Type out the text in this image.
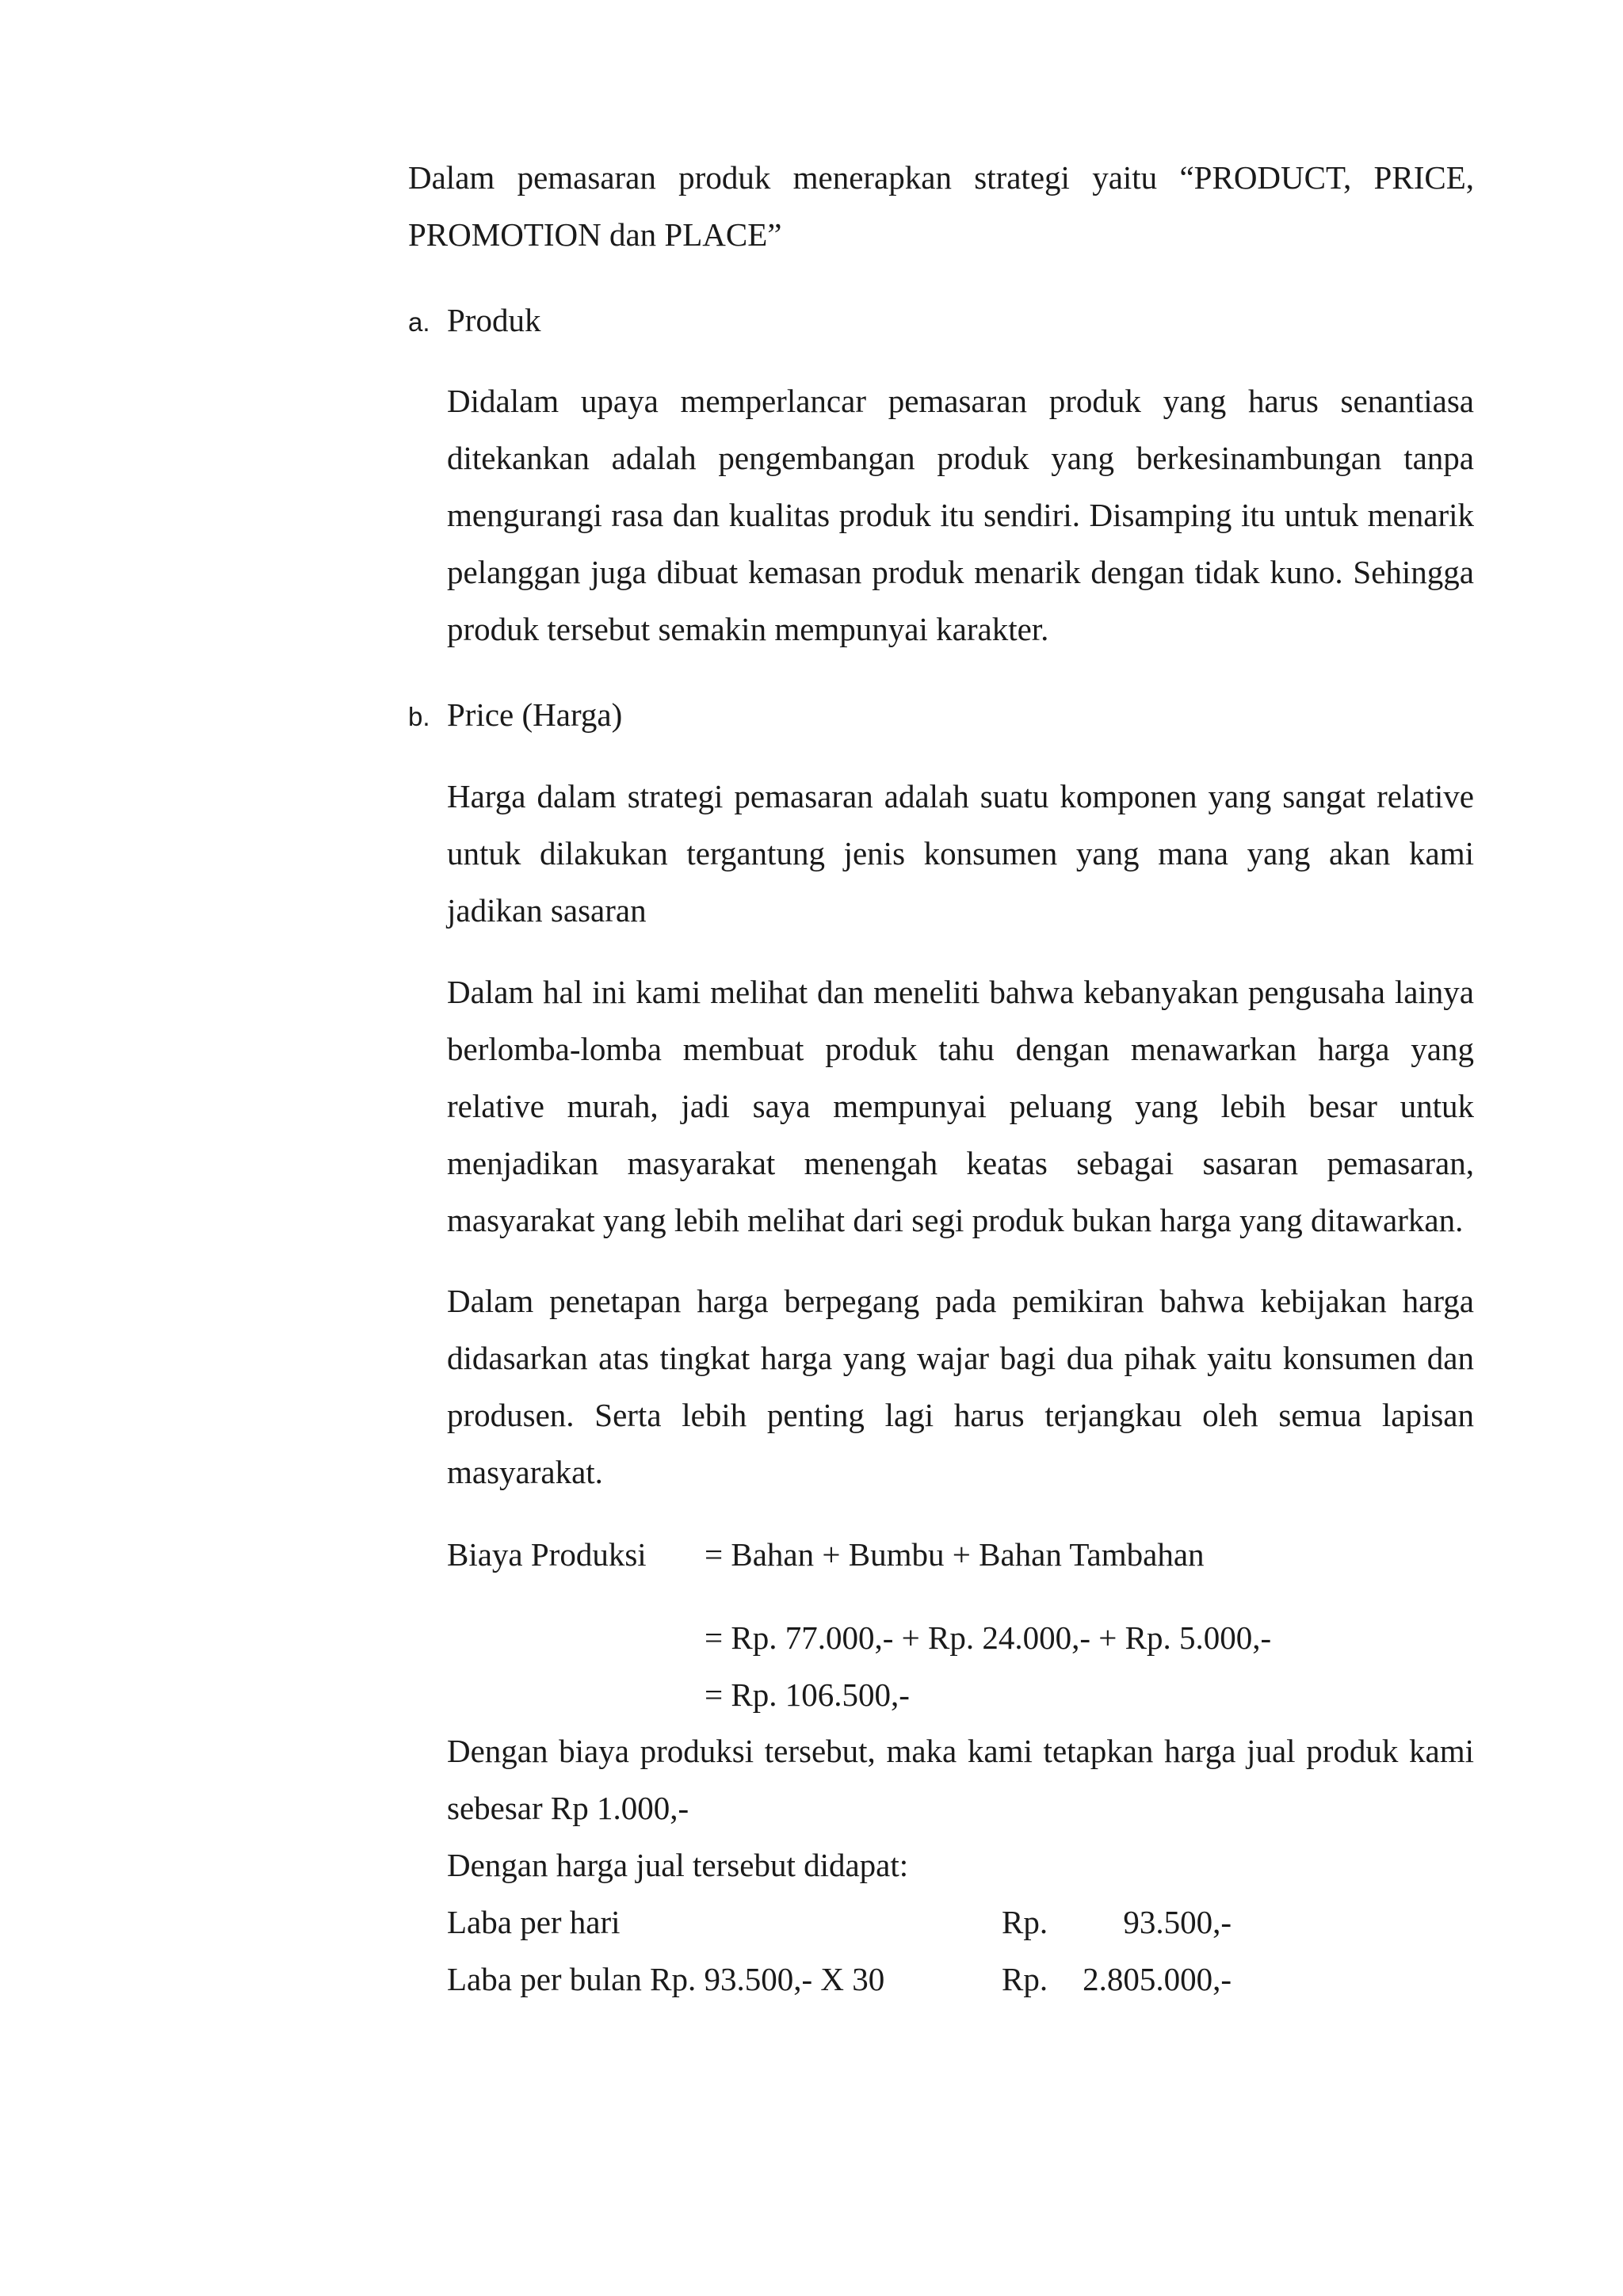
Dalam pemasaran produk menerapkan strategi yaitu “PRODUCT, PRICE, PROMOTION dan PLACE”

a. Produk

Didalam upaya memperlancar pemasaran produk yang harus senantiasa ditekankan adalah pengembangan produk yang berkesinambungan tanpa mengurangi rasa dan kualitas produk itu sendiri. Disamping itu untuk menarik pelanggan juga dibuat kemasan produk menarik dengan tidak kuno. Sehingga produk tersebut semakin mempunyai karakter.

b. Price (Harga)

Harga dalam strategi pemasaran adalah suatu komponen yang sangat relative untuk dilakukan tergantung jenis konsumen yang mana yang akan kami jadikan sasaran

Dalam hal ini kami melihat dan meneliti bahwa kebanyakan pengusaha lainya berlomba-lomba membuat produk tahu dengan menawarkan harga yang relative murah, jadi saya mempunyai peluang yang lebih besar untuk menjadikan masyarakat menengah keatas sebagai sasaran pemasaran, masyarakat yang lebih melihat dari segi produk bukan harga yang ditawarkan.

Dalam penetapan harga berpegang pada pemikiran bahwa kebijakan harga didasarkan atas tingkat harga yang wajar bagi dua pihak yaitu konsumen dan produsen. Serta lebih penting lagi harus terjangkau oleh semua lapisan masyarakat.

Biaya Produksi = Bahan + Bumbu + Bahan Tambahan
= Rp. 77.000,- + Rp. 24.000,- + Rp. 5.000,-
= Rp. 106.500,-

Dengan biaya produksi tersebut, maka kami tetapkan harga jual produk kami sebesar Rp 1.000,-

Dengan harga jual tersebut didapat:
Laba per hari	Rp.	93.500,-
Laba per bulan Rp. 93.500,- X 30	Rp.	2.805.000,-
